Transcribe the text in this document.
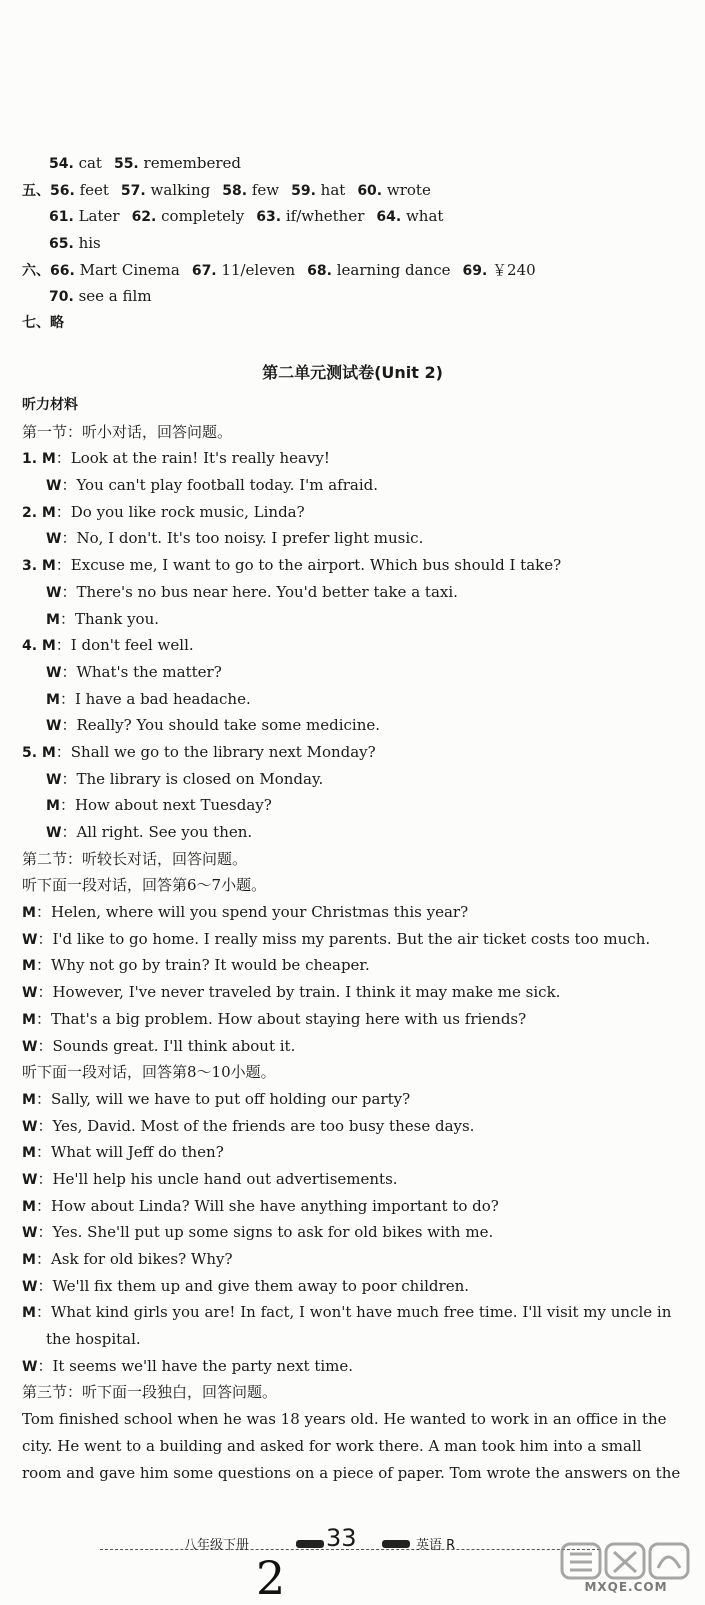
54. cat 55. remembered
五、56. feet 57. walking 58. few 59. hat 60. wrote
61. Later 62. completely 63. if/whether 64. what
65. his
六、66. Mart Cinema 67. 11/eleven 68. learning dance 69. ￥240
70. see a film
七、略
听力材料
第一节：听小对话，回答问题。
1. M：Look at the rain! It's really heavy!
W：You can't play football today. I'm afraid.
2. M：Do you like rock music, Linda?
W：No, I don't. It's too noisy. I prefer light music.
3. M：Excuse me, I want to go to the airport. Which bus should I take?
W：There's no bus near here. You'd better take a taxi.
M：Thank you.
4. M：I don't feel well.
W：What's the matter?
M：I have a bad headache.
W：Really? You should take some medicine.
5. M：Shall we go to the library next Monday?
W：The library is closed on Monday.
M：How about next Tuesday?
W：All right. See you then.
第二节：听较长对话，回答问题。
听下面一段对话，回答第6～7小题。
M：Helen, where will you spend your Christmas this year?
W：I'd like to go home. I really miss my parents. But the air ticket costs too much.
M：Why not go by train? It would be cheaper.
W：However, I've never traveled by train. I think it may make me sick.
M：That's a big problem. How about staying here with us friends?
W：Sounds great. I'll think about it.
听下面一段对话，回答第8～10小题。
M：Sally, will we have to put off holding our party?
W：Yes, David. Most of the friends are too busy these days.
M：What will Jeff do then?
W：He'll help his uncle hand out advertisements.
M：How about Linda? Will she have anything important to do?
W：Yes. She'll put up some signs to ask for old bikes with me.
M：Ask for old bikes? Why?
W：We'll fix them up and give them away to poor children.
M：What kind girls you are! In fact, I won't have much free time. I'll visit my uncle in
the hospital.
W：It seems we'll have the party next time.
第三节：听下面一段独白，回答问题。
Tom finished school when he was 18 years old. He wanted to work in an office in the
city. He went to a building and asked for work there. A man took him into a small
room and gave him some questions on a piece of paper. Tom wrote the answers on the
第二单元测试卷(Unit 2)
八年级下册	33	英语 R
2	MXQE.COM
